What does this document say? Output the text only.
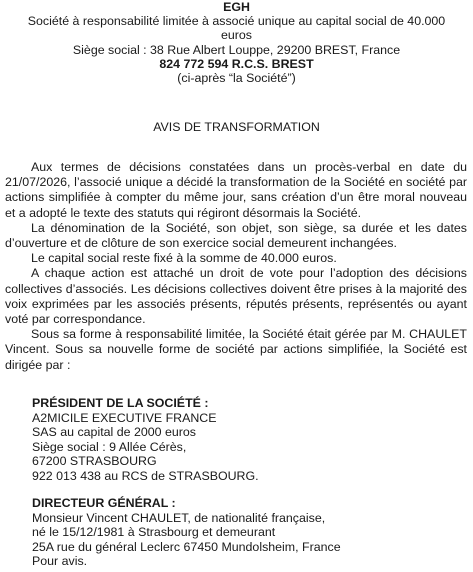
EGH
Société à responsabilité limitée à associé unique au capital social de 40.000
euros
Siège social : 38 Rue Albert Louppe, 29200 BREST, France
824 772 594 R.C.S. BREST
(ci-après “la Société”)
AVIS DE TRANSFORMATION

Aux termes de décisions constatées dans un procès-verbal en date du 21/07/2026, l’associé unique a décidé la transformation de la Société en société par actions simplifiée à compter du même jour, sans création d’un être moral nouveau et a adopté le texte des statuts qui régiront désormais la Société.

La dénomination de la Société, son objet, son siège, sa durée et les dates d’ouverture et de clôture de son exercice social demeurent inchangées.

Le capital social reste fixé à la somme de 40.000 euros.

A chaque action est attaché un droit de vote pour l’adoption des décisions collectives d’associés. Les décisions collectives doivent être prises à la majorité des voix exprimées par les associés présents, réputés présents, représentés ou ayant voté par correspondance.

Sous sa forme à responsabilité limitée, la Société était gérée par M. CHAULET Vincent. Sous sa nouvelle forme de société par actions simplifiée, la Société est dirigée par :

PRÉSIDENT DE LA SOCIÉTÉ :
A2MICILE EXECUTIVE FRANCE
SAS au capital de 2000 euros
Siège social : 9 Allée Cérès,
67200 STRASBOURG
922 013 438 au RCS de STRASBOURG.
DIRECTEUR GÉNÉRAL :
Monsieur Vincent CHAULET, de nationalité française,
né le 15/12/1981 à Strasbourg et demeurant
25A rue du général Leclerc 67450 Mundolsheim, France
Pour avis.
